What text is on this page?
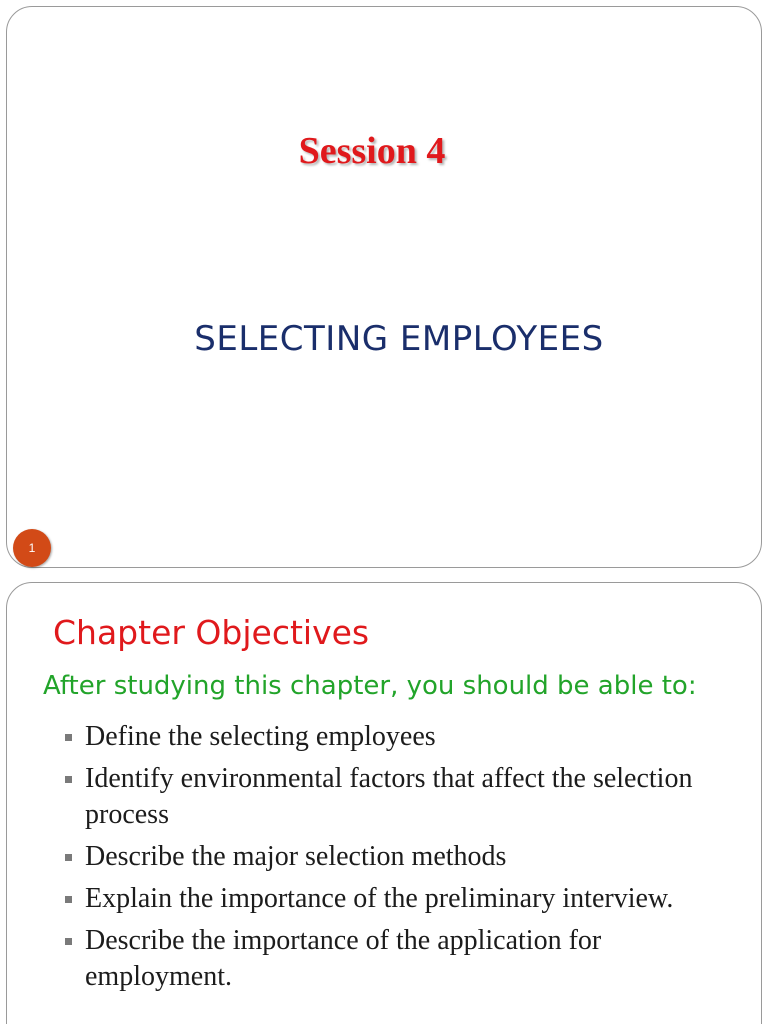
Session 4
SELECTING EMPLOYEES
1
Chapter Objectives
After studying this chapter, you should be able to:
Define the selecting employees
Identify environmental factors that affect the selection process
Describe the major selection methods
Explain the importance of the preliminary interview.
Describe the importance of the application for employment.
